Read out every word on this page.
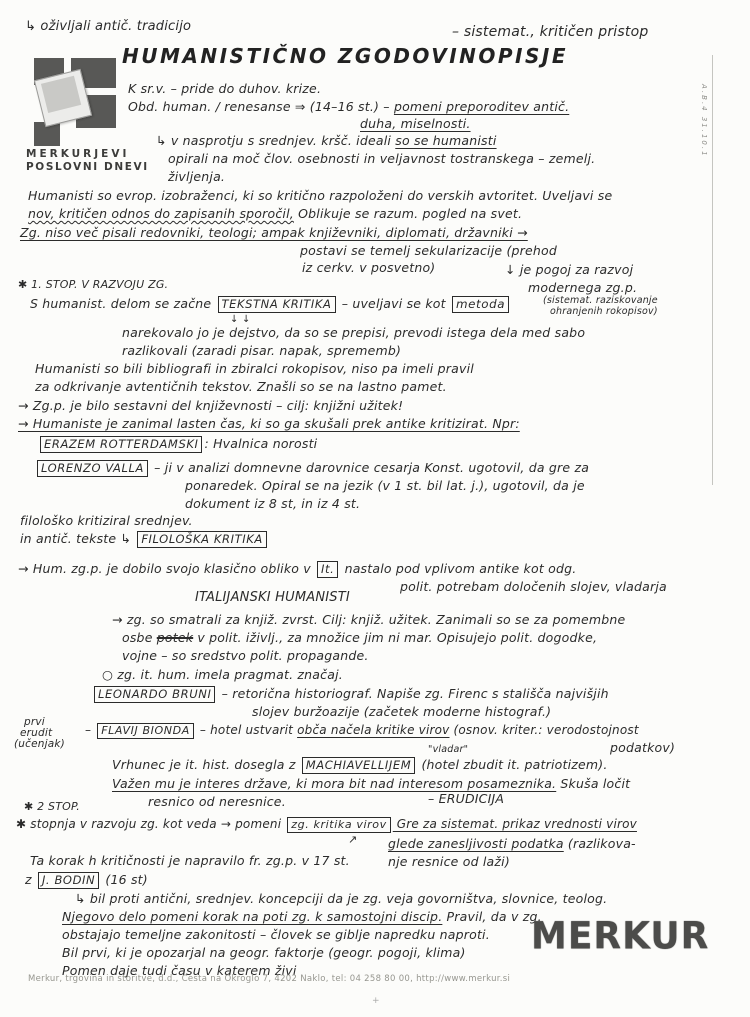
MERKURJEVI
POSLOVNI DNEVI
HUMANISTIČNO ZGODOVINOPISJE
↳ oživljali antič. tradicijo	– sistemat., kritičen pristop
K sr.v. – pride do duhov. krize.
Obd. human. / renesanse ⇒ (14–16 st.) – pomeni preporoditev antič.
duha, miselnosti.
↳ v nasprotju s srednjev. kršč. ideali so se humanisti
opirali na moč člov. osebnosti in veljavnost tostranskega – zemelj.
življenja.
Humanisti so evrop. izobraženci, ki so kritično razpoloženi do verskih avtoritet. Uveljavi se
nov, kritičen odnos do zapisanih sporočil, Oblikuje se razum. pogled na svet.
Zg. niso več pisali redovniki, teologi; ampak književniki, diplomati, državniki →
postavi se temelj sekularizacije (prehod
iz cerkv. v posvetno)	↓ je pogoj za razvoj
modernega zg.p.
(sistemat. raziskovanje
ohranjenih rokopisov)
✱ 1. STOP. V RAZVOJU ZG.
S humanist. delom se začne TEKSTNA KRITIKA – uveljavi se kot metoda
↓ ↓
narekovalo jo je dejstvo, da so se prepisi, prevodi istega dela med sabo
razlikovali (zaradi pisar. napak, sprememb)
Humanisti so bili bibliografi in zbiralci rokopisov, niso pa imeli pravil
za odkrivanje avtentičnih tekstov. Znašli so se na lastno pamet.
→ Zg.p. je bilo sestavni del književnosti – cilj: knjižni užitek!
→ Humaniste je zanimal lasten čas, ki so ga skušali prek antike kritizirat. Npr:
ERAZEM ROTTERDAMSKI : Hvalnica norosti
LORENZO VALLA – ji v analizi domnevne darovnice cesarja Konst. ugotovil, da gre za
ponaredek. Opiral se na jezik (v 1 st. bil lat. j.), ugotovil, da je
dokument iz 8 st, in iz 4 st.
filološko kritiziral srednjev.
in antič. tekste ↳ FILOLOŠKA KRITIKA
→ Hum. zg.p. je dobilo svojo klasično obliko v It. nastalo pod vplivom antike kot odg.
polit. potrebam določenih slojev, vladarja
ITALIJANSKI HUMANISTI
→ zg. so smatrali za knjiž. zvrst. Cilj: knjiž. užitek. Zanimali so se za pomembne
osbe potek v polit. iživlj., za množice jim ni mar. Opisujejo polit. dogodke,
vojne – so sredstvo polit. propagande.
○ zg. it. hum. imela pragmat. značaj.
LEONARDO BRUNI – retorična historiograf. Napiše zg. Firenc s stališča najvišjih
slojev buržoazije (začetek moderne histograf.)
prvi
erudit
(učenjak)
– FLAVIJ BIONDA – hotel ustvarit obča načela kritike virov (osnov. kriter.: verodostojnost
podatkov)
"vladar"
Vrhunec je it. hist. dosegla z MACHIAVELLIJEM (hotel zbudit it. patriotizem).
Važen mu je interes države, ki mora bit nad interesom posameznika. Skuša ločit
resnico od neresnice.	– ERUDICIJA
✱ 2 STOP.
✱ stopnja v razvoju zg. kot veda → pomeni zg. kritika virov Gre za sistemat. prikaz vrednosti virov
↗ glede zanesljivosti podatka (razlikova-
nje resnice od laži)
Ta korak h kritičnosti je napravilo fr. zg.p. v 17 st.
z J. BODIN (16 st)
↳ bil proti antični, srednjev. koncepciji da je zg. veja govorništva, slovnice, teolog.
Njegovo delo pomeni korak na poti zg. k samostojni discip. Pravil, da v zg.
obstajajo temeljne zakonitosti – človek se giblje napredku naproti.
Bil prvi, ki je opozarjal na geogr. faktorje (geogr. pogoji, klima)
Pomen daje tudi času v katerem živi
A.B.4 31.10.1
MERKUR
Merkur, trgovina in storitve, d.d., Cesta na Okroglo 7, 4202 Naklo, tel: 04 258 80 00, http://www.merkur.si
+
